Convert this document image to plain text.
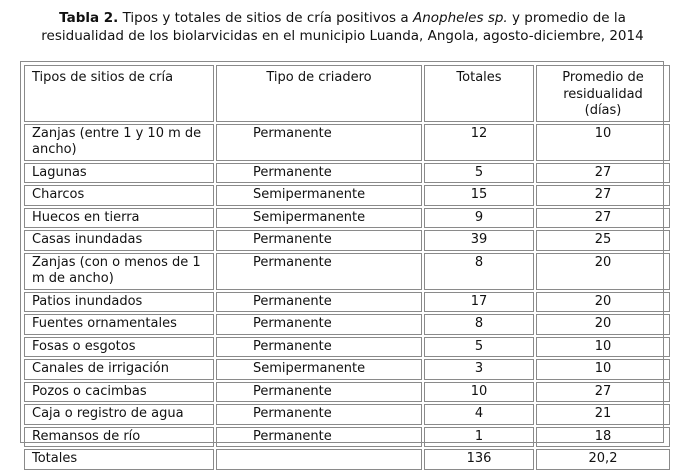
Tabla 2. Tipos y totales de sitios de cría positivos a Anopheles sp. y promedio de la
residualidad de los biolarvicidas en el municipio Luanda, Angola, agosto-diciembre, 2014
Tipos de sitios de cría	Tipo de criadero	Totales	Promedio de
residualidad
(días)
Zanjas (entre 1 y 10 m de ancho)	Permanente	12	10
Lagunas	Permanente	5	27
Charcos	Semipermanente	15	27
Huecos en tierra	Semipermanente	9	27
Casas inundadas	Permanente	39	25
Zanjas (con o menos de 1 m de ancho)	Permanente	8	20
Patios inundados	Permanente	17	20
Fuentes ornamentales	Permanente	8	20
Fosas o esgotos	Permanente	5	10
Canales de irrigación	Semipermanente	3	10
Pozos o cacimbas	Permanente	10	27
Caja o registro de agua	Permanente	4	21
Remansos de río	Permanente	1	18
Totales		136	20,2
